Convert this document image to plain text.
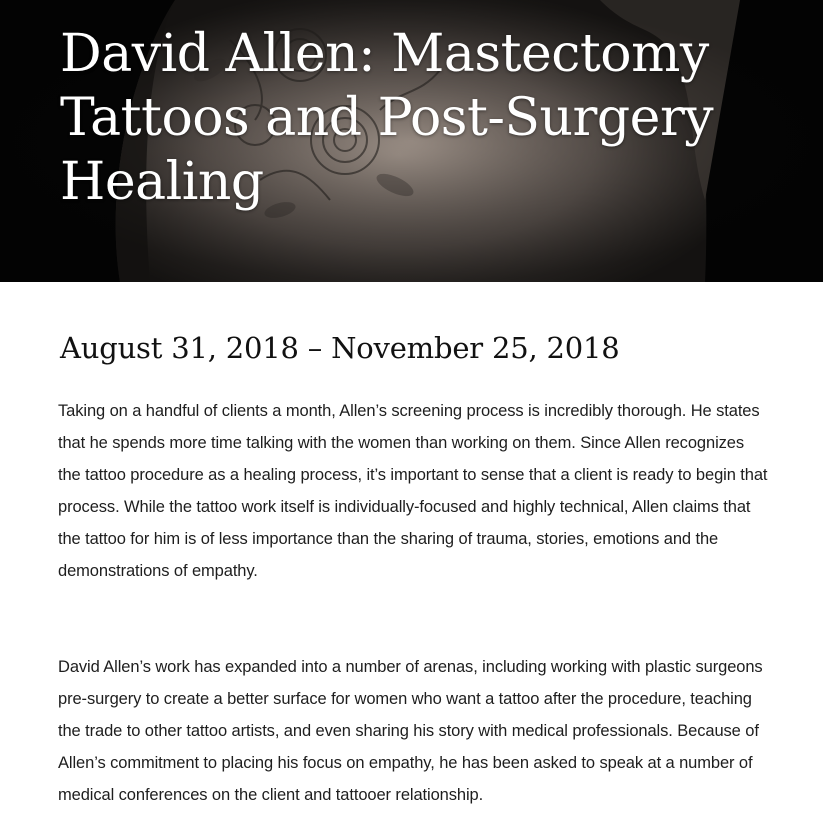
David Allen: Mastectomy Tattoos and Post-Surgery Healing
August 31, 2018 – November 25, 2018

Taking on a handful of clients a month, Allen’s screening process is incredibly thorough. He states that he spends more time talking with the women than working on them. Since Allen recognizes the tattoo procedure as a healing process, it’s important to sense that a client is ready to begin that process. While the tattoo work itself is individually-focused and highly technical, Allen claims that the tattoo for him is of less importance than the sharing of trauma, stories, emotions and the demonstrations of empathy.

David Allen’s work has expanded into a number of arenas, including working with plastic surgeons pre-surgery to create a better surface for women who want a tattoo after the procedure, teaching the trade to other tattoo artists, and even sharing his story with medical professionals. Because of Allen’s commitment to placing his focus on empathy, he has been asked to speak at a number of medical conferences on the client and tattooer relationship.
